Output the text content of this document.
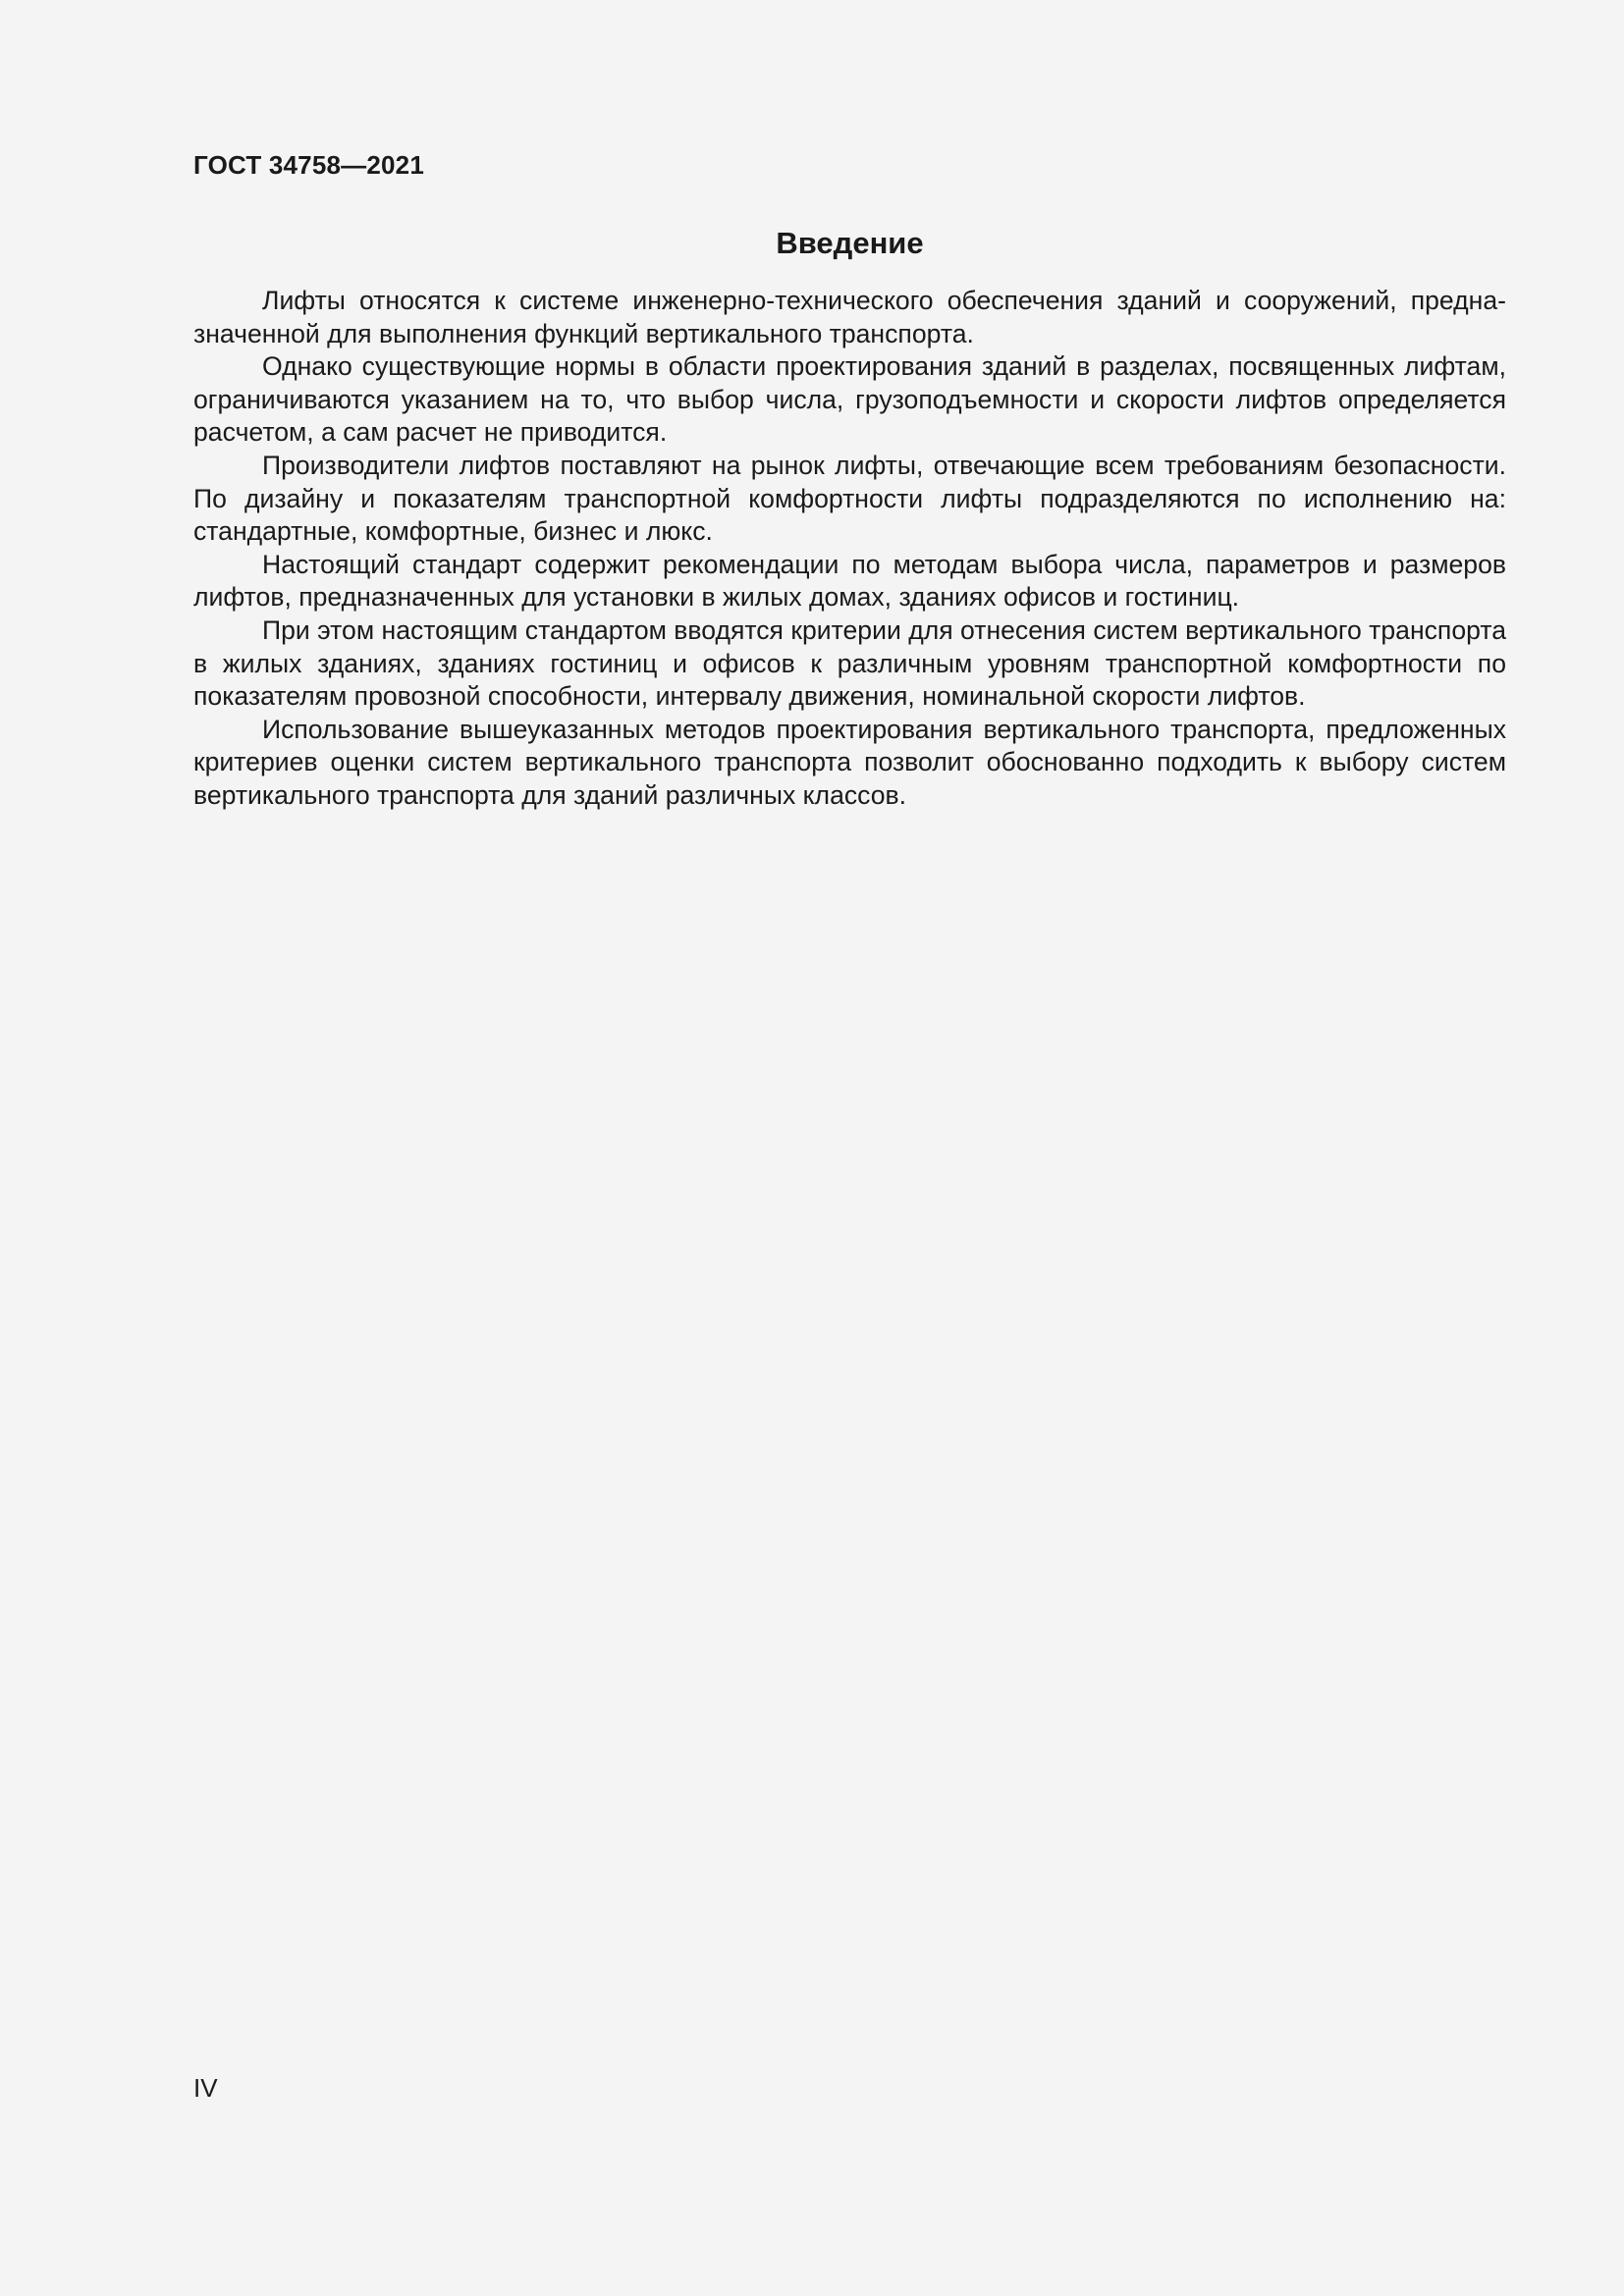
ГОСТ 34758—2021
Введение

Лифты относятся к системе инженерно-технического обеспечения зданий и сооружений, предназначенной для выполнения функций вертикального транспорта.

Однако существующие нормы в области проектирования зданий в разделах, посвященных лифтам, ограничиваются указанием на то, что выбор числа, грузоподъемности и скорости лифтов определяется расчетом, а сам расчет не приводится.

Производители лифтов поставляют на рынок лифты, отвечающие всем требованиям безопасности. По дизайну и показателям транспортной комфортности лифты подразделяются по исполнению на: стандартные, комфортные, бизнес и люкс.

Настоящий стандарт содержит рекомендации по методам выбора числа, параметров и размеров лифтов, предназначенных для установки в жилых домах, зданиях офисов и гостиниц.

При этом настоящим стандартом вводятся критерии для отнесения систем вертикального транспорта в жилых зданиях, зданиях гостиниц и офисов к различным уровням транспортной комфортности по показателям провозной способности, интервалу движения, номинальной скорости лифтов.

Использование вышеуказанных методов проектирования вертикального транспорта, предложенных критериев оценки систем вертикального транспорта позволит обоснованно подходить к выбору систем вертикального транспорта для зданий различных классов.

IV
